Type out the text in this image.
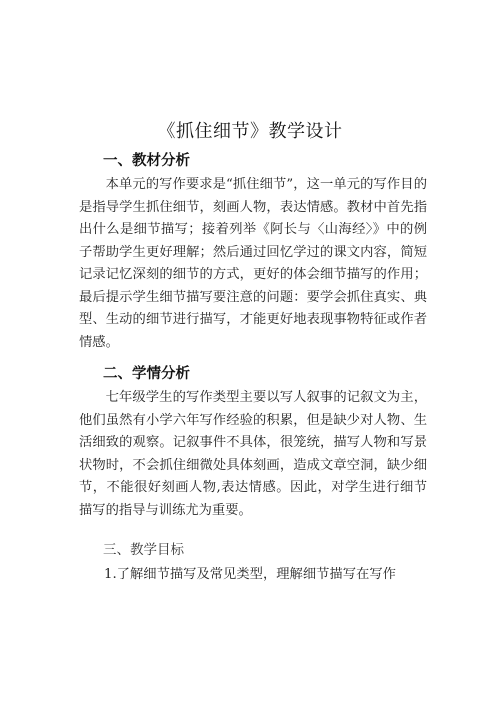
《抓住细节》教学设计
一、教材分析
本单元的写作要求是“抓住细节”，这一单元的写作目的是指导学生抓住细节，刻画人物，表达情感。教材中首先指出什么是细节描写；接着列举《阿长与〈山海经〉》中的例子帮助学生更好理解；然后通过回忆学过的课文内容，简短记录记忆深刻的细节的方式，更好的体会细节描写的作用；最后提示学生细节描写要注意的问题：要学会抓住真实、典型、生动的细节进行描写，才能更好地表现事物特征或作者情感。
二、学情分析
七年级学生的写作类型主要以写人叙事的记叙文为主，他们虽然有小学六年写作经验的积累，但是缺少对人物、生活细致的观察。记叙事件不具体，很笼统，描写人物和写景状物时，不会抓住细微处具体刻画，造成文章空洞，缺少细节，不能很好刻画人物,表达情感。因此，对学生进行细节描写的指导与训练尤为重要。
三、教学目标
1.了解细节描写及常见类型，理解细节描写在写作
